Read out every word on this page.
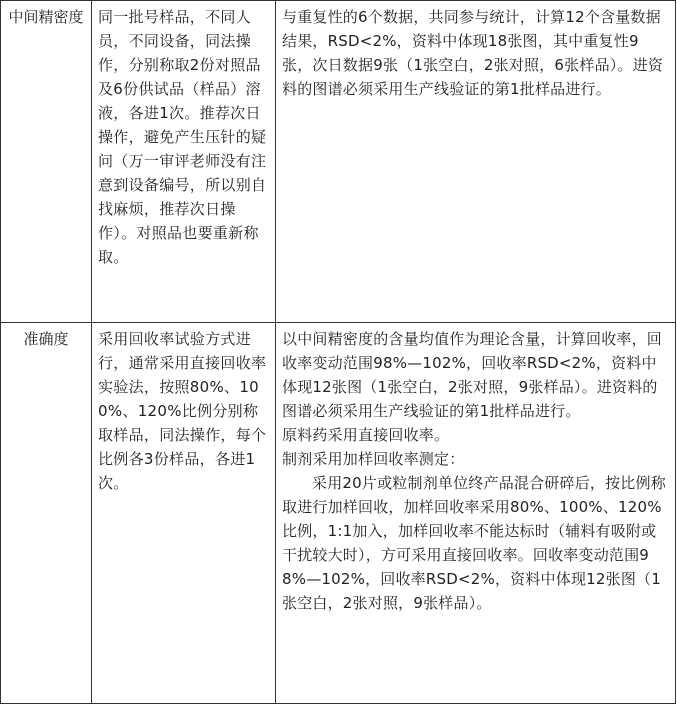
中间精密度	同一批号样品，不同人员，不同设备，同法操作，分别称取2份对照品及6份供试品（样品）溶液，各进1次。推荐次日操作，避免产生压针的疑问（万一审评老师没有注意到设备编号，所以别自找麻烦，推荐次日操作）。对照品也要重新称取。	与重复性的6个数据，共同参与统计，计算12个含量数据结果，RSD<2%，资料中体现18张图，其中重复性9张，次日数据9张（1张空白，2张对照，6张样品）。进资料的图谱必须采用生产线验证的第1批样品进行。

准确度	采用回收率试验方式进行，通常采用直接回收率实验法，按照80%、100%、120%比例分别称取样品，同法操作，每个比例各3份样品，各进1次。	以中间精密度的含量均值作为理论含量，计算回收率，回收率变动范围98%—102%，回收率RSD<2%，资料中体现12张图（1张空白，2张对照，9张样品）。进资料的图谱必须采用生产线验证的第1批样品进行。

原料药采用直接回收率。

制剂采用加样回收率测定：

采用20片或粒制剂单位终产品混合研碎后，按比例称取进行加样回收，加样回收率采用80%、100%、120%比例，1:1加入，加样回收率不能达标时（辅料有吸附或干扰较大时），方可采用直接回收率。回收率变动范围98%—102%，回收率RSD<2%，资料中体现12张图（1张空白，2张对照，9张样品）。
